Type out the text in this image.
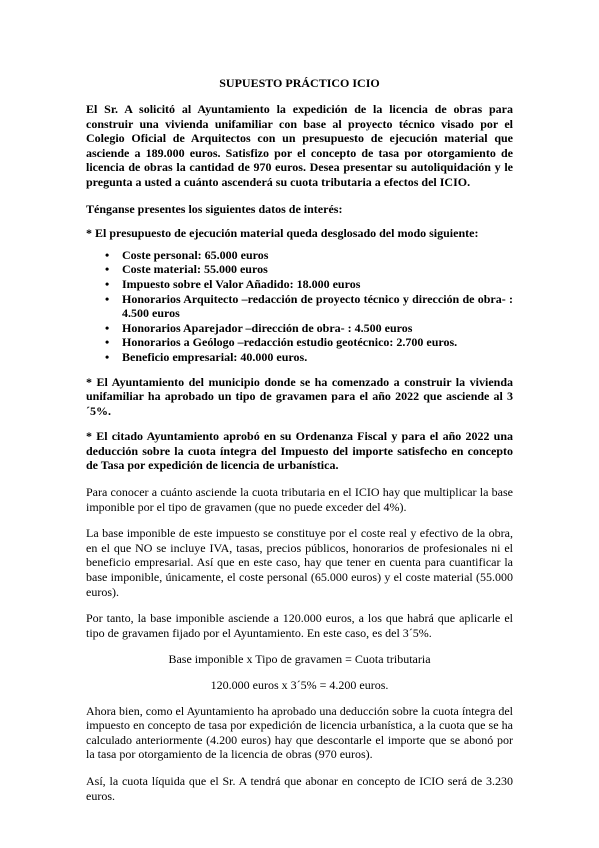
SUPUESTO PRÁCTICO ICIO

El Sr. A solicitó al Ayuntamiento la expedición de la licencia de obras para construir una vivienda unifamiliar con base al proyecto técnico visado por el Colegio Oficial de Arquitectos con un presupuesto de ejecución material que asciende a 189.000 euros. Satisfizo por el concepto de tasa por otorgamiento de licencia de obras la cantidad de 970 euros. Desea presentar su autoliquidación y le pregunta a usted a cuánto ascenderá su cuota tributaria a efectos del ICIO.

Ténganse presentes los siguientes datos de interés:

* El presupuesto de ejecución material queda desglosado del modo siguiente:

• Coste personal: 65.000 euros
• Coste material: 55.000 euros
• Impuesto sobre el Valor Añadido: 18.000 euros
• Honorarios Arquitecto –redacción de proyecto técnico y dirección de obra- : 4.500 euros
• Honorarios Aparejador –dirección de obra- : 4.500 euros
• Honorarios a Geólogo –redacción estudio geotécnico: 2.700 euros.
• Beneficio empresarial: 40.000 euros.

* El Ayuntamiento del municipio donde se ha comenzado a construir la vivienda unifamiliar ha aprobado un tipo de gravamen para el año 2022 que asciende al 3´5%.

* El citado Ayuntamiento aprobó en su Ordenanza Fiscal y para el año 2022 una deducción sobre la cuota íntegra del Impuesto del importe satisfecho en concepto de Tasa por expedición de licencia de urbanística.

Para conocer a cuánto asciende la cuota tributaria en el ICIO hay que multiplicar la base imponible por el tipo de gravamen (que no puede exceder del 4%).

La base imponible de este impuesto se constituye por el coste real y efectivo de la obra, en el que NO se incluye IVA, tasas, precios públicos, honorarios de profesionales ni el beneficio empresarial. Así que en este caso, hay que tener en cuenta para cuantificar la base imponible, únicamente, el coste personal (65.000 euros) y el coste material (55.000 euros).

Por tanto, la base imponible asciende a 120.000 euros, a los que habrá que aplicarle el tipo de gravamen fijado por el Ayuntamiento. En este caso, es del 3´5%.

Base imponible x Tipo de gravamen = Cuota tributaria

120.000 euros x 3´5% = 4.200 euros.

Ahora bien, como el Ayuntamiento ha aprobado una deducción sobre la cuota íntegra del impuesto en concepto de tasa por expedición de licencia urbanística, a la cuota que se ha calculado anteriormente (4.200 euros) hay que descontarle el importe que se abonó por la tasa por otorgamiento de la licencia de obras (970 euros).

Así, la cuota líquida que el Sr. A tendrá que abonar en concepto de ICIO será de 3.230 euros.
